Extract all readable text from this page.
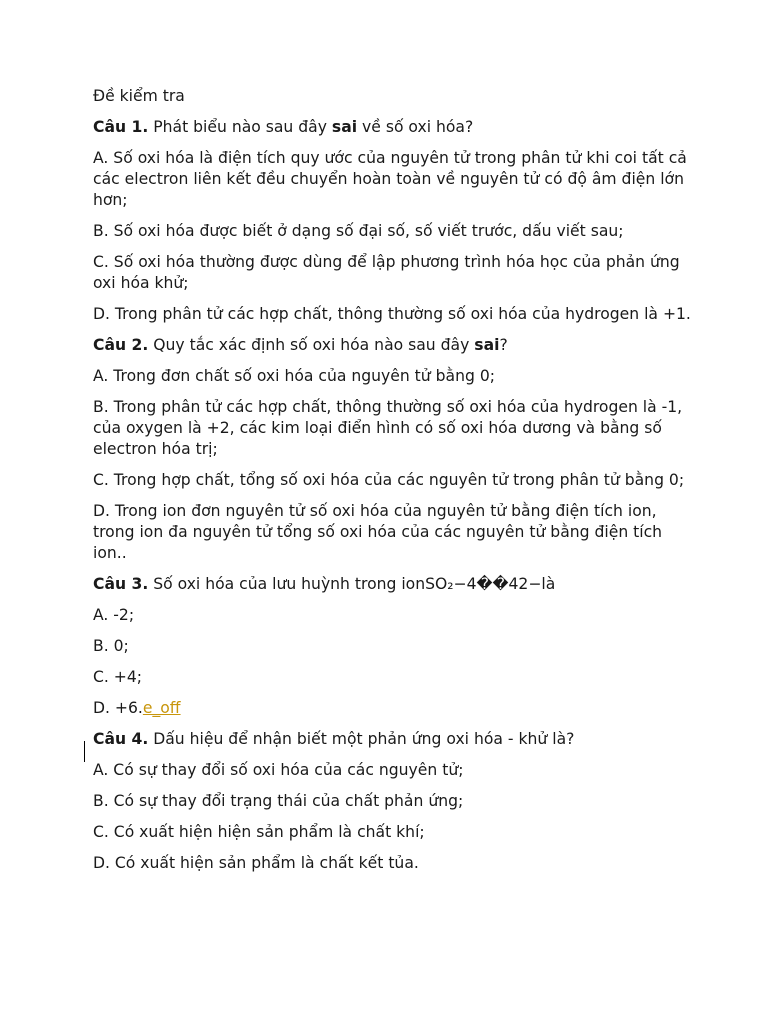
Đề kiểm tra

Câu 1. Phát biểu nào sau đây sai về số oxi hóa?

A. Số oxi hóa là điện tích quy ước của nguyên tử trong phân tử khi coi tất cả các electron liên kết đều chuyển hoàn toàn về nguyên tử có độ âm điện lớn hơn;

B. Số oxi hóa được biết ở dạng số đại số, số viết trước, dấu viết sau;

C. Số oxi hóa thường được dùng để lập phương trình hóa học của phản ứng oxi hóa khử;

D. Trong phân tử các hợp chất, thông thường số oxi hóa của hydrogen là +1.

Câu 2. Quy tắc xác định số oxi hóa nào sau đây sai?

A. Trong đơn chất số oxi hóa của nguyên tử bằng 0;

B. Trong phân tử các hợp chất, thông thường số oxi hóa của hydrogen là -1, của oxygen là +2, các kim loại điển hình có số oxi hóa dương và bằng số electron hóa trị;

C. Trong hợp chất, tổng số oxi hóa của các nguyên tử trong phân tử bằng 0;

D. Trong ion đơn nguyên tử số oxi hóa của nguyên tử bằng điện tích ion, trong ion đa nguyên tử tổng số oxi hóa của các nguyên tử bằng điện tích ion..

Câu 3. Số oxi hóa của lưu huỳnh trong ionSO₂−4��42−là

A. -2;

B. 0;

C. +4;

D. +6.e_off

Câu 4. Dấu hiệu để nhận biết một phản ứng oxi hóa - khử là?

A. Có sự thay đổi số oxi hóa của các nguyên tử;

B. Có sự thay đổi trạng thái của chất phản ứng;

C. Có xuất hiện hiện sản phẩm là chất khí;

D. Có xuất hiện sản phẩm là chất kết tủa.
